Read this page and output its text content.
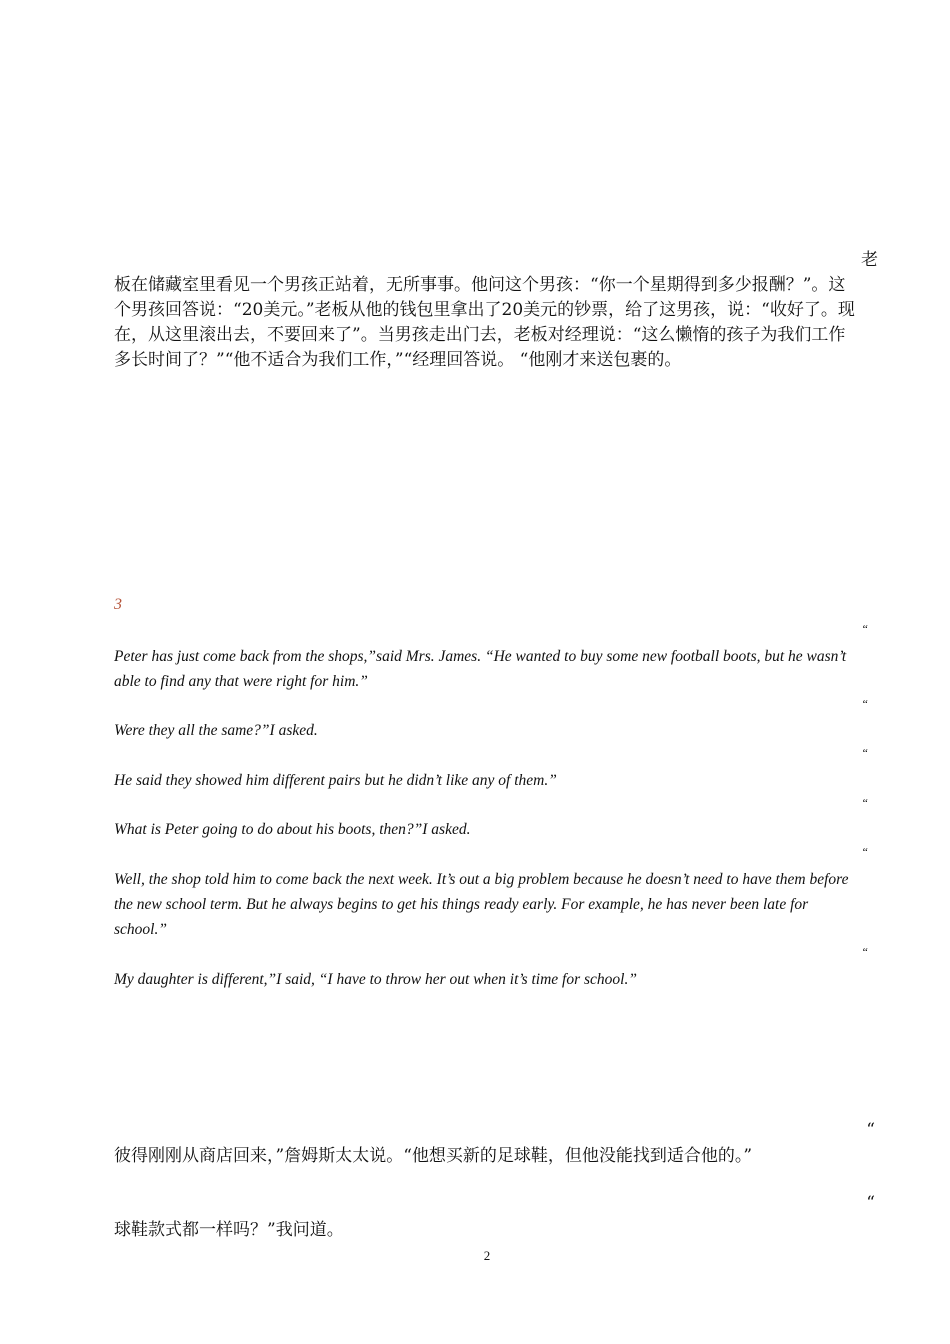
老

板在储藏室里看见一个男孩正站着，无所事事。他问这个男孩：“你一个星期得到多少报酬？”。这个男孩回答说：“20美元。”老板从他的钱包里拿出了20美元的钞票，给了这男孩，说：“收好了。现在，从这里滚出去，不要回来了”。当男孩走出门去，老板对经理说：“这么懒惰的孩子为我们工作多长时间了？”“他不适合为我们工作，”“经理回答说。 “他刚才来送包裹的。

3
“

Peter has just come back from the shops,”said Mrs. James. “He wanted to buy some new football boots, but he wasn’t able to find any that were right for him.”

“

Were they all the same?”I asked.

“

He said they showed him different pairs but he didn’t like any of them.”

“

What is Peter going to do about his boots, then?”I asked.

“

Well, the shop told him to come back the next week. It’s out a big problem because he doesn’t need to have them before the new school term. But he always begins to get his things ready early. For example, he has never been late for school.”

“

My daughter is different,”I said, “I have to throw her out when it’s time for school.”

“

彼得刚刚从商店回来，”詹姆斯太太说。“他想买新的足球鞋，但他没能找到适合他的。”

“

球鞋款式都一样吗？”我问道。

2
